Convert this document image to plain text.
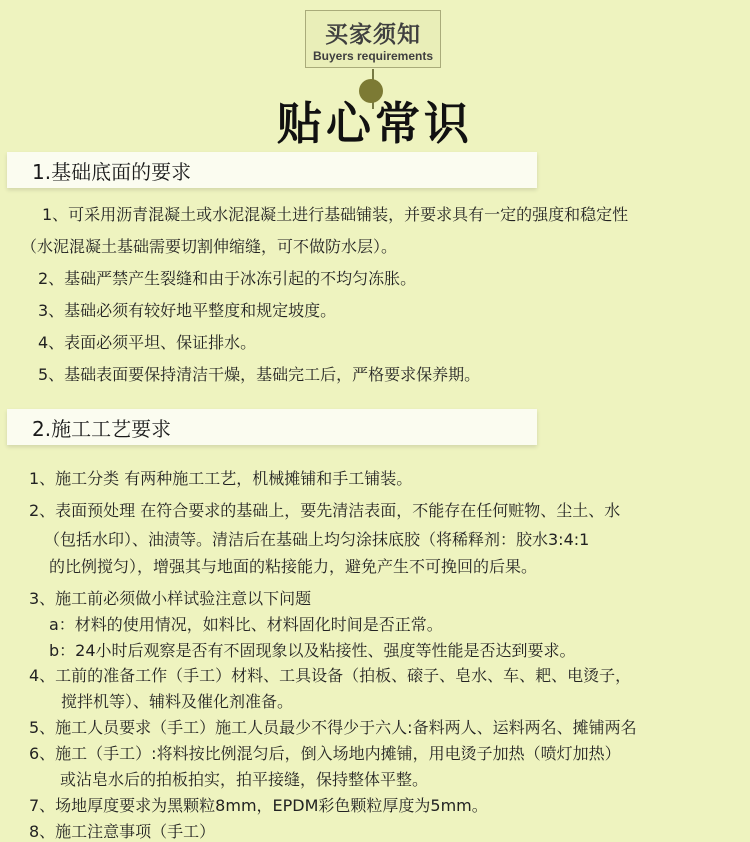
买家须知
Buyers requirements
贴心常识
1.基础底面的要求
1、可采用沥青混凝土或水泥混凝土进行基础铺装，并要求具有一定的强度和稳定性
（水泥混凝土基础需要切割伸缩缝，可不做防水层）。
2、基础严禁产生裂缝和由于冰冻引起的不均匀冻胀。
3、基础必须有较好地平整度和规定坡度。
4、表面必须平坦、保证排水。
5、基础表面要保持清洁干燥，基础完工后，严格要求保养期。
2.施工工艺要求
1、施工分类 有两种施工工艺，机械摊铺和手工铺装。
2、表面预处理 在符合要求的基础上，要先清洁表面，不能存在任何赃物、尘土、水
（包括水印）、油渍等。清洁后在基础上均匀涂抹底胶（将稀释剂：胶水3:4:1
的比例搅匀），增强其与地面的粘接能力，避免产生不可挽回的后果。
3、施工前必须做小样试验注意以下问题
a：材料的使用情况，如料比、材料固化时间是否正常。
b：24小时后观察是否有不固现象以及粘接性、强度等性能是否达到要求。
4、工前的准备工作（手工）材料、工具设备（拍板、磙子、皂水、车、耙、电烫子，
搅拌机等）、辅料及催化剂准备。
5、施工人员要求（手工）施工人员最少不得少于六人:备料两人、运料两名、摊铺两名
6、施工（手工）:将料按比例混匀后，倒入场地内摊铺，用电烫子加热（喷灯加热）
或沾皂水后的拍板拍实，拍平接缝，保持整体平整。
7、场地厚度要求为黑颗粒8mm，EPDM彩色颗粒厚度为5mm。
8、施工注意事项（手工）
